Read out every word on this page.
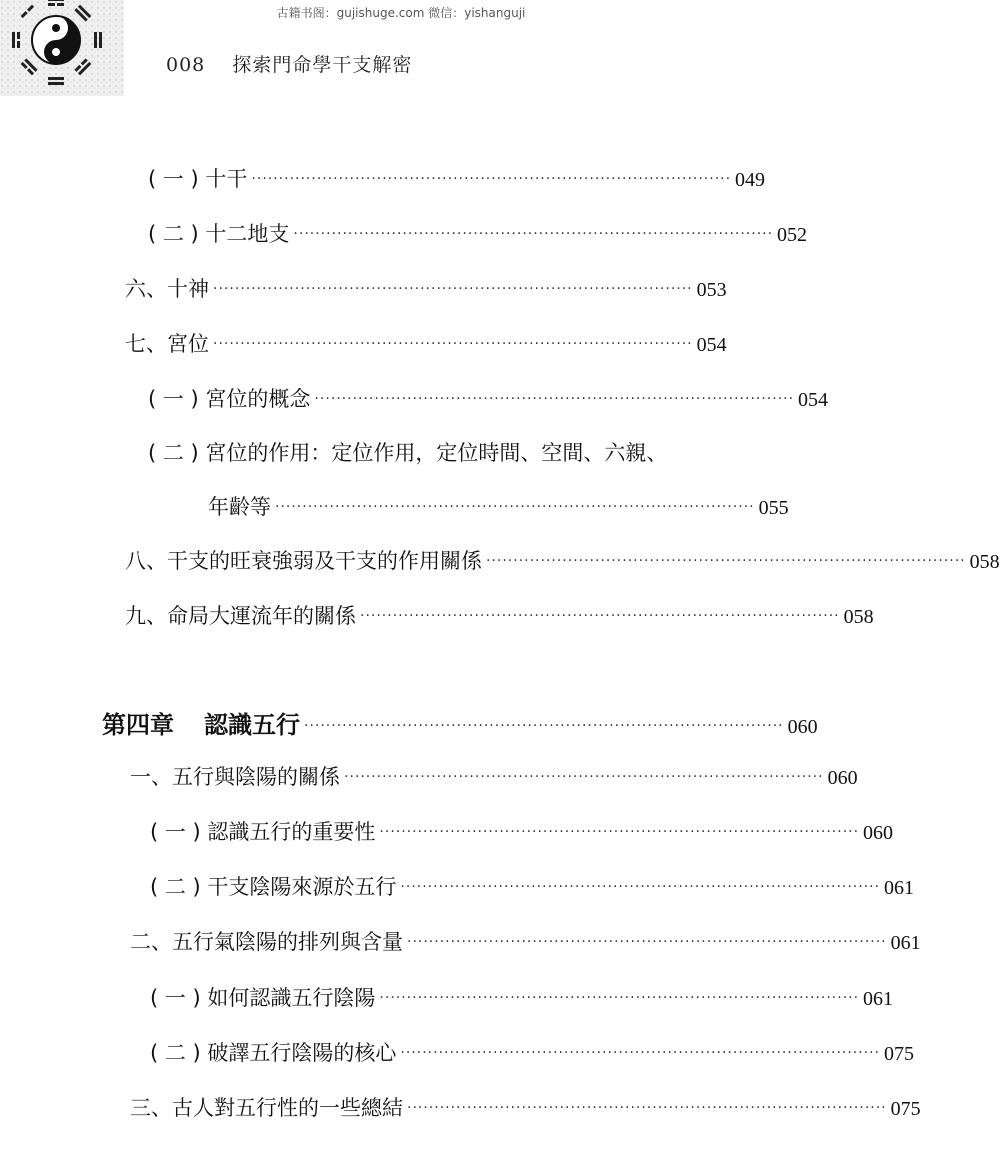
古籍书阁：gujishuge.com 微信：yishanguji
008 探索門命學干支解密
( 一 ) 十干 ························································································ 049
( 二 ) 十二地支 ························································································ 052
六、十神 ························································································ 053
七、宮位 ························································································ 054
( 一 ) 宮位的概念 ························································································ 054
( 二 ) 宮位的作用：定位作用，定位時間、空間、六親、
年齡等 ························································································ 055
八、干支的旺衰強弱及干支的作用關係 ························································································ 058
九、命局大運流年的關係 ························································································ 058
第四章 認識五行 ························································································ 060
一、五行與陰陽的關係 ························································································ 060
( 一 ) 認識五行的重要性 ························································································ 060
( 二 ) 干支陰陽來源於五行 ························································································ 061
二、五行氣陰陽的排列與含量 ························································································ 061
( 一 ) 如何認識五行陰陽 ························································································ 061
( 二 ) 破譯五行陰陽的核心 ························································································ 075
三、古人對五行性的一些總結 ························································································ 075
